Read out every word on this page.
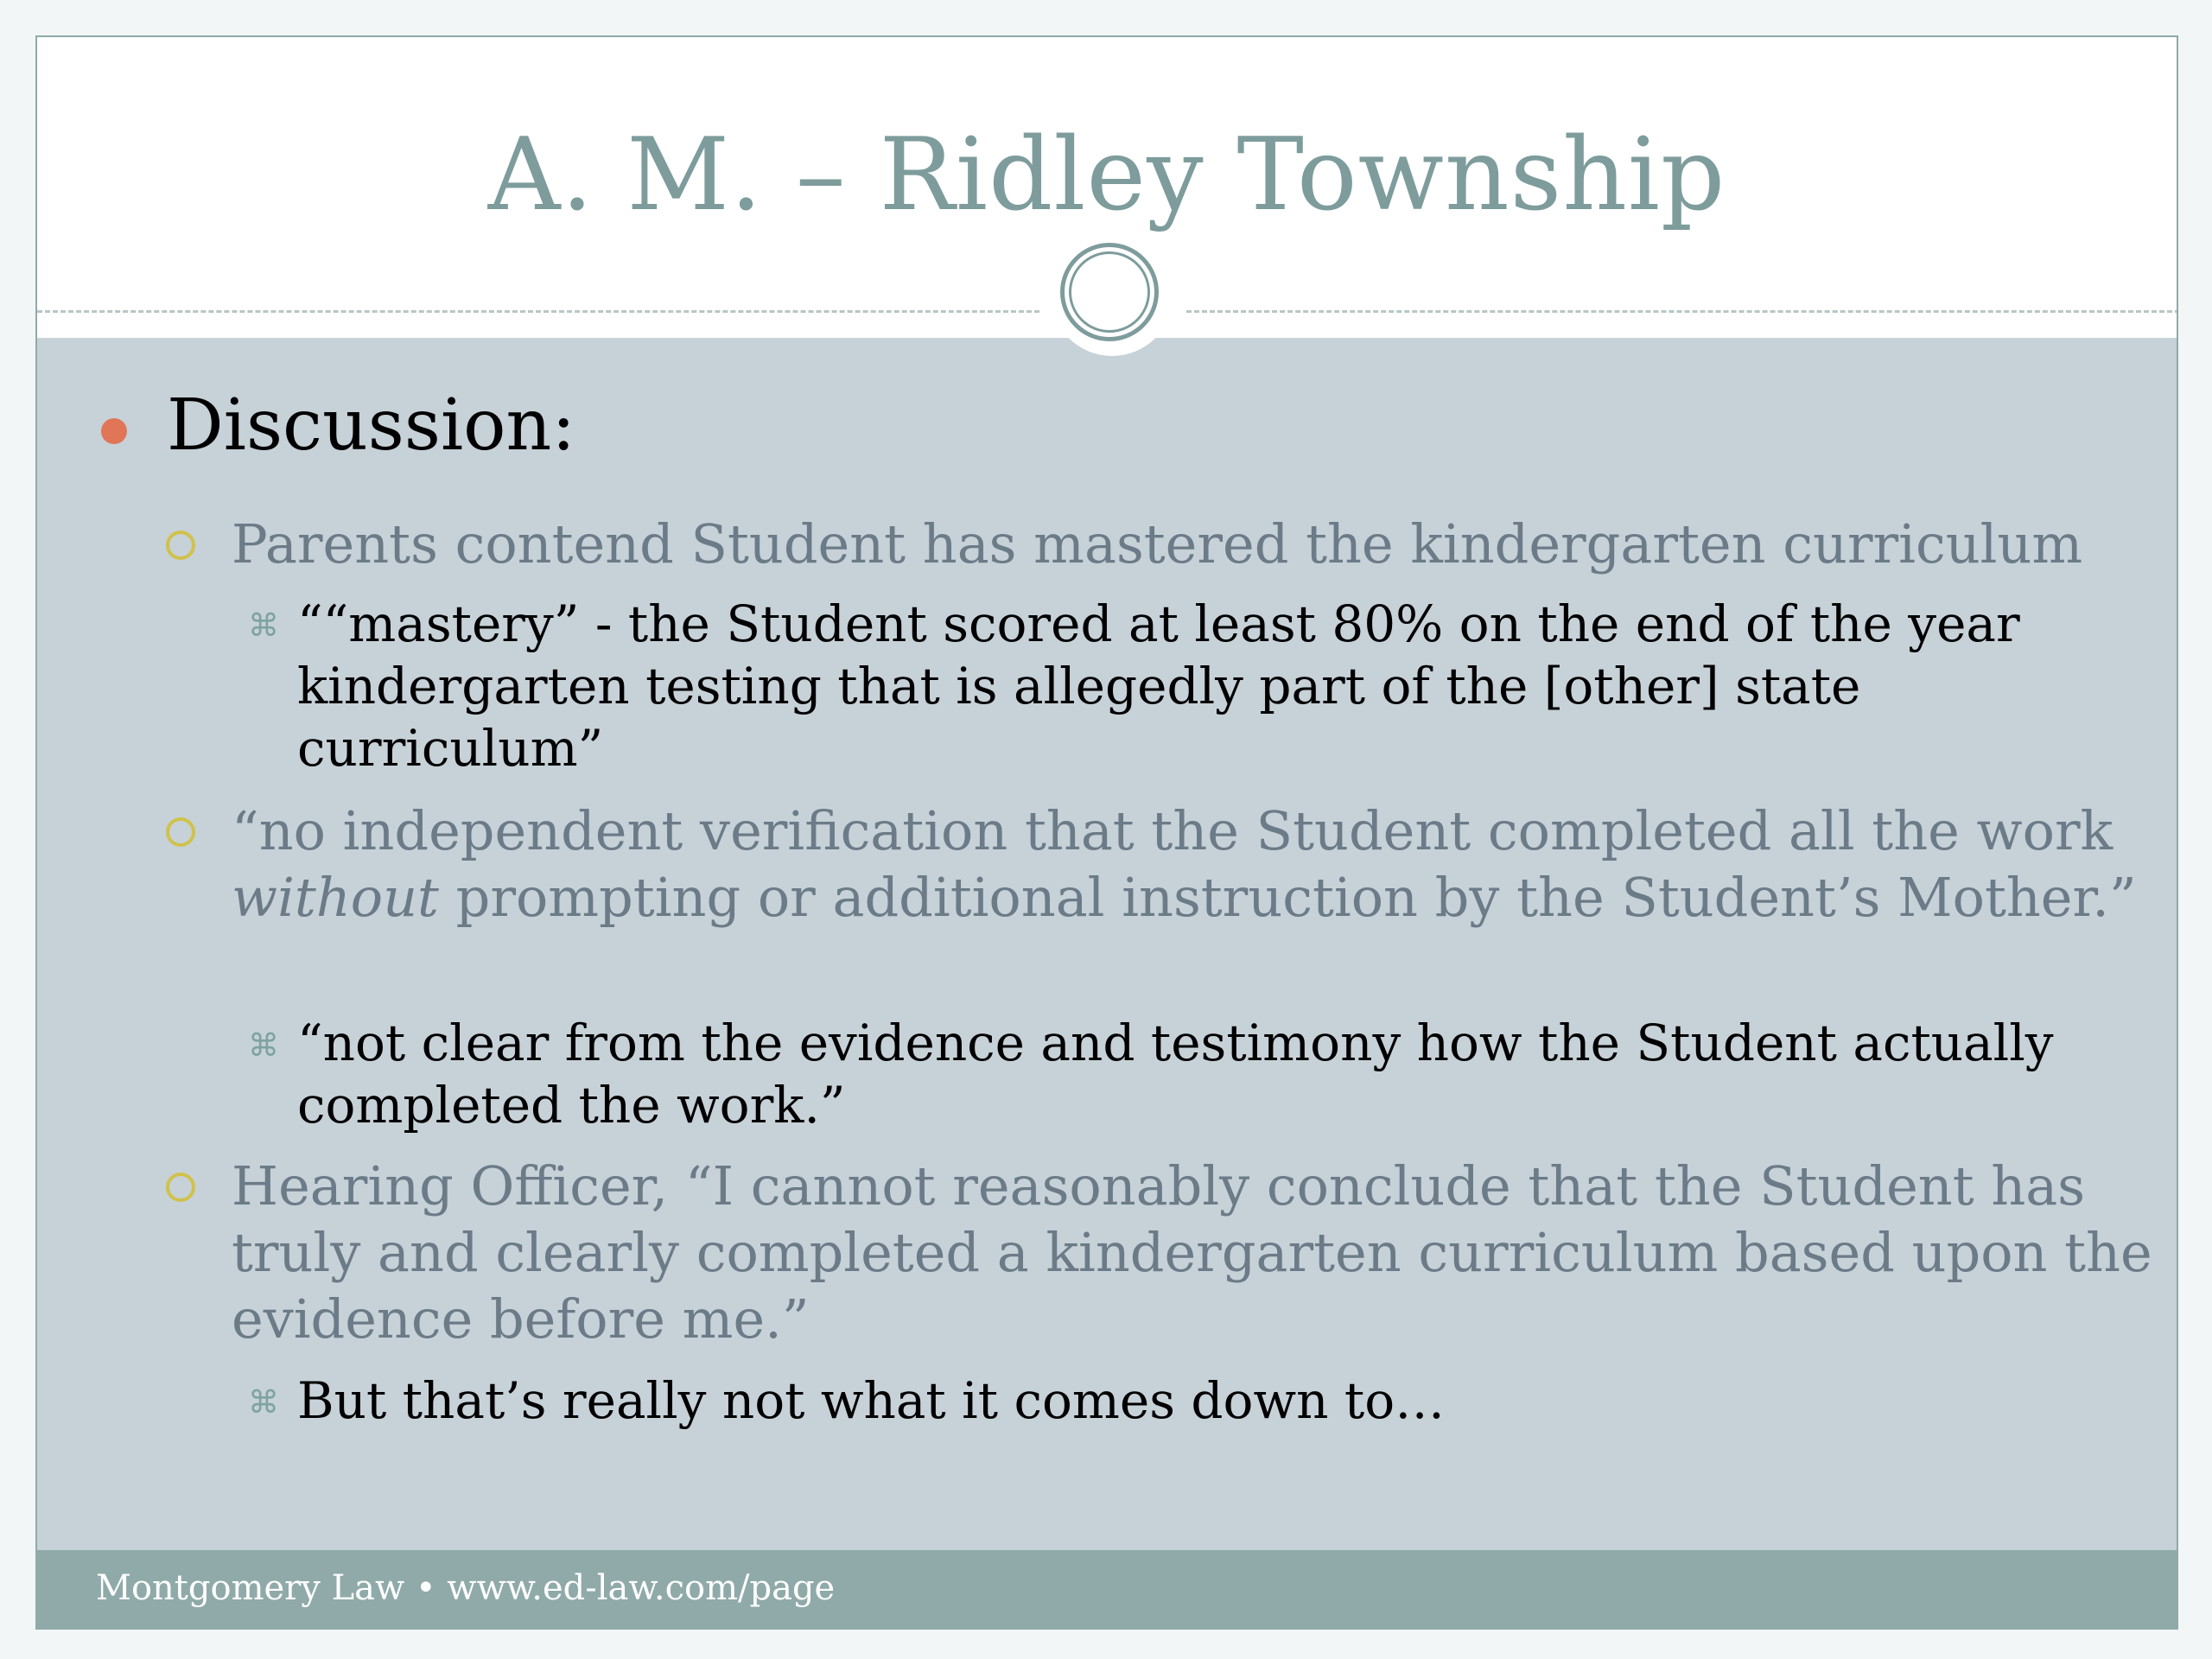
A. M. – Ridley Township
Discussion:
Parents contend Student has mastered the kindergarten curriculum
⌘ ““mastery” - the Student scored at least 80% on the end of the year kindergarten testing that is allegedly part of the [other] state curriculum”
“no independent verification that the Student completed all the work without prompting or additional instruction by the Student’s Mother.”
⌘ “not clear from the evidence and testimony how the Student actually completed the work.”
Hearing Officer, “I cannot reasonably conclude that the Student has truly and clearly completed a kindergarten curriculum based upon the evidence before me.”
⌘ But that’s really not what it comes down to…
Montgomery Law • www.ed-law.com/page
